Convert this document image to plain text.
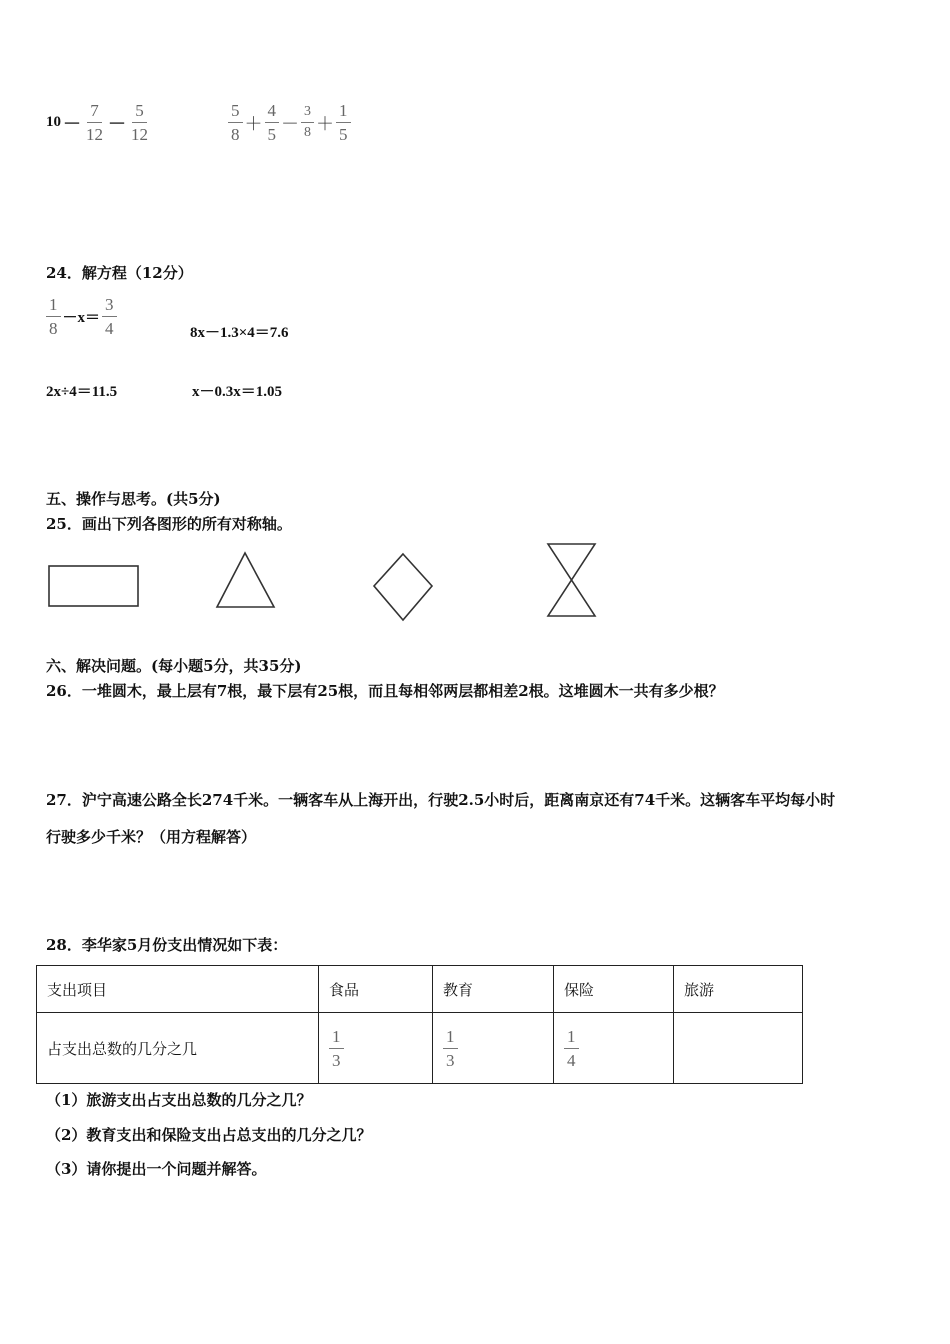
$10 - \frac{7}{12} - \frac{5}{12}$	$\frac{5}{8} + \frac{4}{5} - \frac{3}{8} + \frac{1}{5}$
24．解方程（12分）
$\frac{1}{8} -x= \frac{3}{4}$	8x－1.3×4＝7.6
2x÷4＝11.5	x－0.3x＝1.05
五、操作与思考。(共5分)
25．画出下列各图形的所有对称轴。
六、解决问题。(每小题5分，共35分)
26．一堆圆木，最上层有7根，最下层有25根，而且每相邻两层都相差2根。这堆圆木一共有多少根？
27．沪宁高速公路全长274千米。一辆客车从上海开出，行驶2.5小时后，距离南京还有74千米。这辆客车平均每小时
行驶多少千米？（用方程解答）
28．李华家5月份支出情况如下表：
支出项目	食品	教育	保险	旅游
占支出总数的几分之几	$\frac{1}{3}$	$\frac{1}{3}$	$\frac{1}{4}$

（1）旅游支出占支出总数的几分之几？
（2）教育支出和保险支出占总支出的几分之几？
（3）请你提出一个问题并解答。
